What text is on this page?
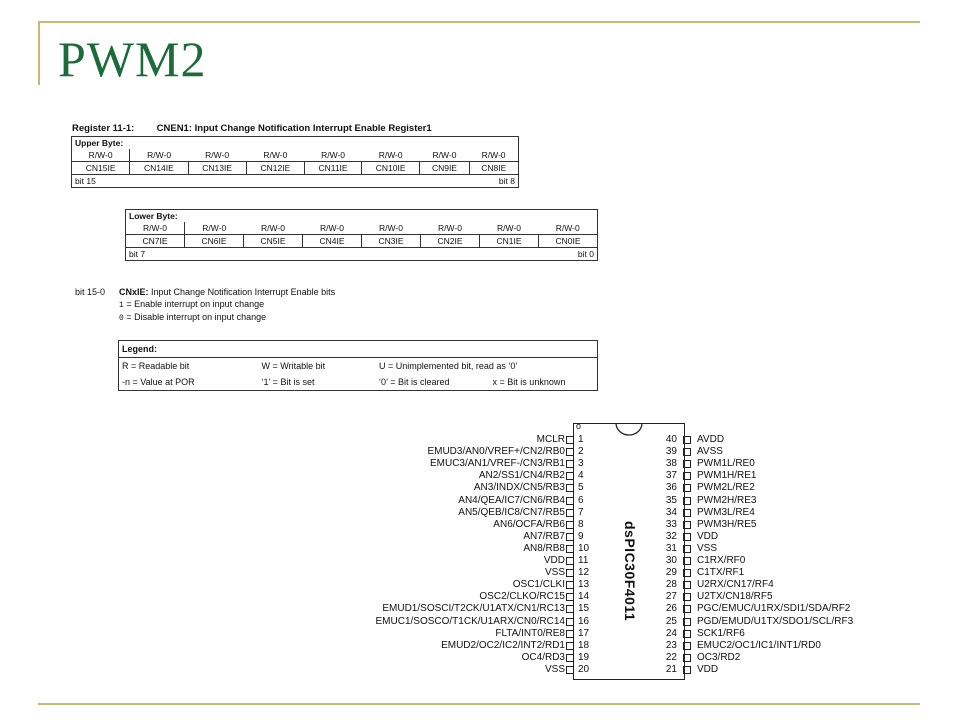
PWM2
Register 11-1: CNEN1: Input Change Notification Interrupt Enable Register1
Upper Byte:							
R/W-0	R/W-0	R/W-0	R/W-0	R/W-0	R/W-0	R/W-0	R/W-0
CN15IE	CN14IE	CN13IE	CN12IE	CN11IE	CN10IE	CN9IE	CN8IE
bit 15 bit 8							
Lower Byte:							
R/W-0	R/W-0	R/W-0	R/W-0	R/W-0	R/W-0	R/W-0	R/W-0
CN7IE	CN6IE	CN5IE	CN4IE	CN3IE	CN2IE	CN1IE	CN0IE
bit 7 bit 0							
bit 15-0 CNxIE: Input Change Notification Interrupt Enable bits
1 = Enable interrupt on input change
0 = Disable interrupt on input change
Legend:
R = Readable bit	W = Writable bit	U = Unimplemented bit, read as ‘0’
-n = Value at POR	‘1’ = Bit is set	‘0’ = Bit is cleared	x = Bit is unknown
o
dsPIC30F4011
MCLR 1
EMUD3/AN0/VREF+/CN2/RB0 2
EMUC3/AN1/VREF-/CN3/RB1 3
AN2/SS1/CN4/RB2 4
AN3/INDX/CN5/RB3 5
AN4/QEA/IC7/CN6/RB4 6
AN5/QEB/IC8/CN7/RB5 7
AN6/OCFA/RB6 8
AN7/RB7 9
AN8/RB8 10
VDD 11
VSS 12
OSC1/CLKI 13
OSC2/CLKO/RC15 14
EMUD1/SOSCI/T2CK/U1ATX/CN1/RC13 15
EMUC1/SOSCO/T1CK/U1ARX/CN0/RC14 16
FLTA/INT0/RE8 17
EMUD2/OC2/IC2/INT2/RD1 18
OC4/RD3 19
VSS 20
40 AVDD
39 AVSS
38 PWM1L/RE0
37 PWM1H/RE1
36 PWM2L/RE2
35 PWM2H/RE3
34 PWM3L/RE4
33 PWM3H/RE5
32 VDD
31 VSS
30 C1RX/RF0
29 C1TX/RF1
28 U2RX/CN17/RF4
27 U2TX/CN18/RF5
26 PGC/EMUC/U1RX/SDI1/SDA/RF2
25 PGD/EMUD/U1TX/SDO1/SCL/RF3
24 SCK1/RF6
23 EMUC2/OC1/IC1/INT1/RD0
22 OC3/RD2
21 VDD
